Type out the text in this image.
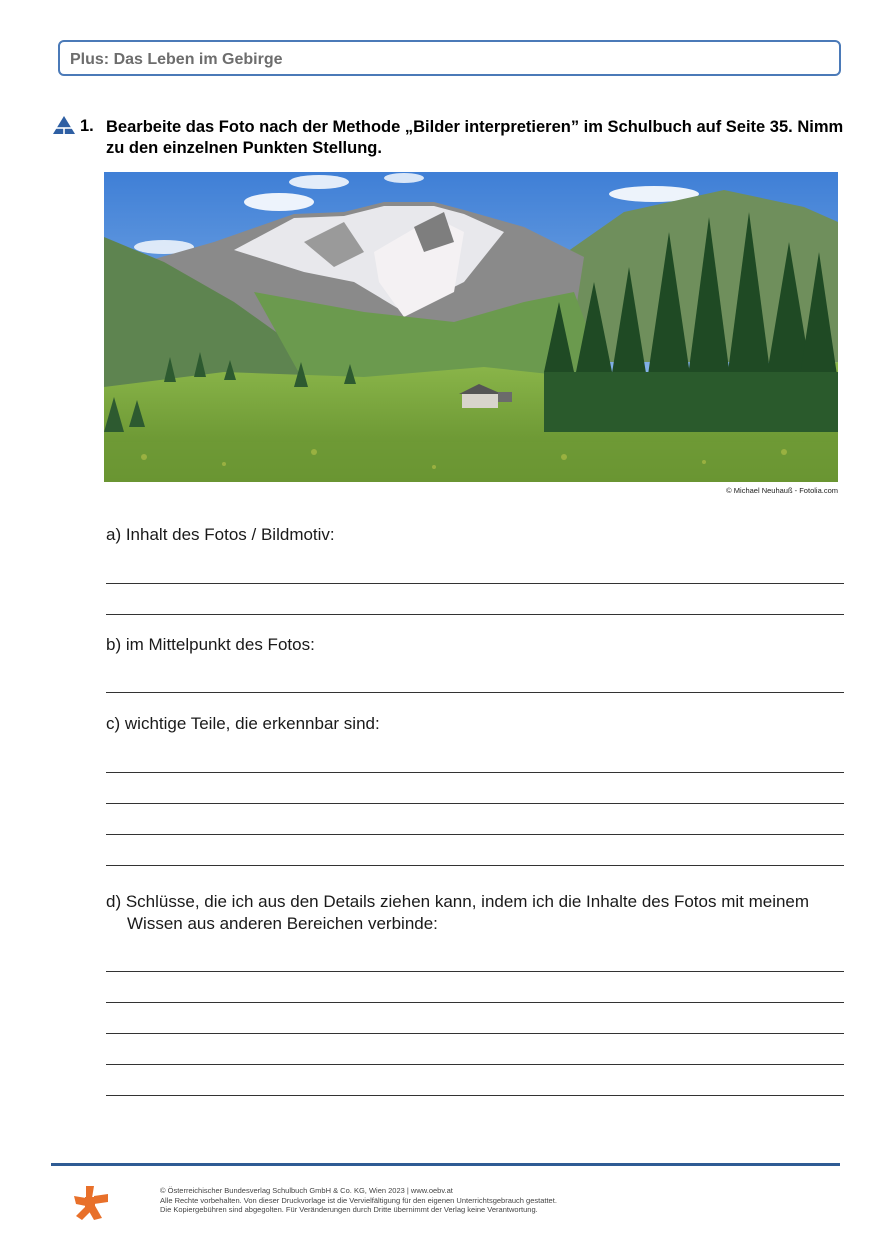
Plus: Das Leben im Gebirge
1. Bearbeite das Foto nach der Methode „Bilder interpretieren” im Schulbuch auf Seite 35. Nimm zu den einzelnen Punkten Stellung.
© Michael Neuhauß - Fotolia.com
a) Inhalt des Fotos / Bildmotiv:
b) im Mittelpunkt des Fotos:
c) wichtige Teile, die erkennbar sind:
d) Schlüsse, die ich aus den Details ziehen kann, indem ich die Inhalte des Fotos mit meinem Wissen aus anderen Bereichen verbinde:
© Österreichischer Bundesverlag Schulbuch GmbH & Co. KG, Wien 2023 | www.oebv.at
Alle Rechte vorbehalten. Von dieser Druckvorlage ist die Vervielfältigung für den eigenen Unterrichtsgebrauch gestattet.
Die Kopiergebühren sind abgegolten. Für Veränderungen durch Dritte übernimmt der Verlag keine Verantwortung.
